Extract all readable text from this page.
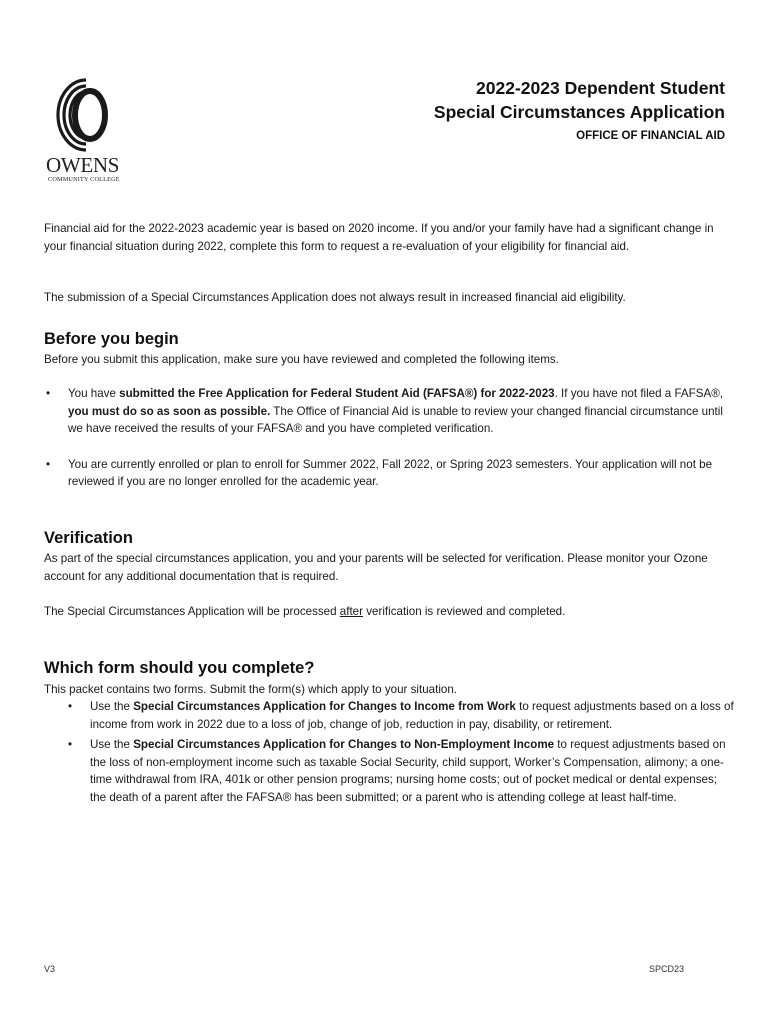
OWENS
COMMUNITY COLLEGE
2022-2023 Dependent Student
Special Circumstances Application
OFFICE OF FINANCIAL AID
Financial aid for the 2022-2023 academic year is based on 2020 income. If you and/or your family have had a significant change in your financial situation during 2022, complete this form to request a re-evaluation of your eligibility for financial aid.
The submission of a Special Circumstances Application does not always result in increased financial aid eligibility.
Before you begin
Before you submit this application, make sure you have reviewed and completed the following items.
• You have submitted the Free Application for Federal Student Aid (FAFSA®) for 2022-2023. If you have not filed a FAFSA®, you must do so as soon as possible. The Office of Financial Aid is unable to review your changed financial circumstance until we have received the results of your FAFSA® and you have completed verification.
• You are currently enrolled or plan to enroll for Summer 2022, Fall 2022, or Spring 2023 semesters. Your application will not be reviewed if you are no longer enrolled for the academic year.
Verification
As part of the special circumstances application, you and your parents will be selected for verification. Please monitor your Ozone account for any additional documentation that is required.
The Special Circumstances Application will be processed after verification is reviewed and completed.
Which form should you complete?
This packet contains two forms. Submit the form(s) which apply to your situation.
• Use the Special Circumstances Application for Changes to Income from Work to request adjustments based on a loss of income from work in 2022 due to a loss of job, change of job, reduction in pay, disability, or retirement.
• Use the Special Circumstances Application for Changes to Non-Employment Income to request adjustments based on the loss of non-employment income such as taxable Social Security, child support, Worker’s Compensation, alimony; a one-time withdrawal from IRA, 401k or other pension programs; nursing home costs; out of pocket medical or dental expenses; the death of a parent after the FAFSA® has been submitted; or a parent who is attending college at least half-time.
V3	SPCD23
